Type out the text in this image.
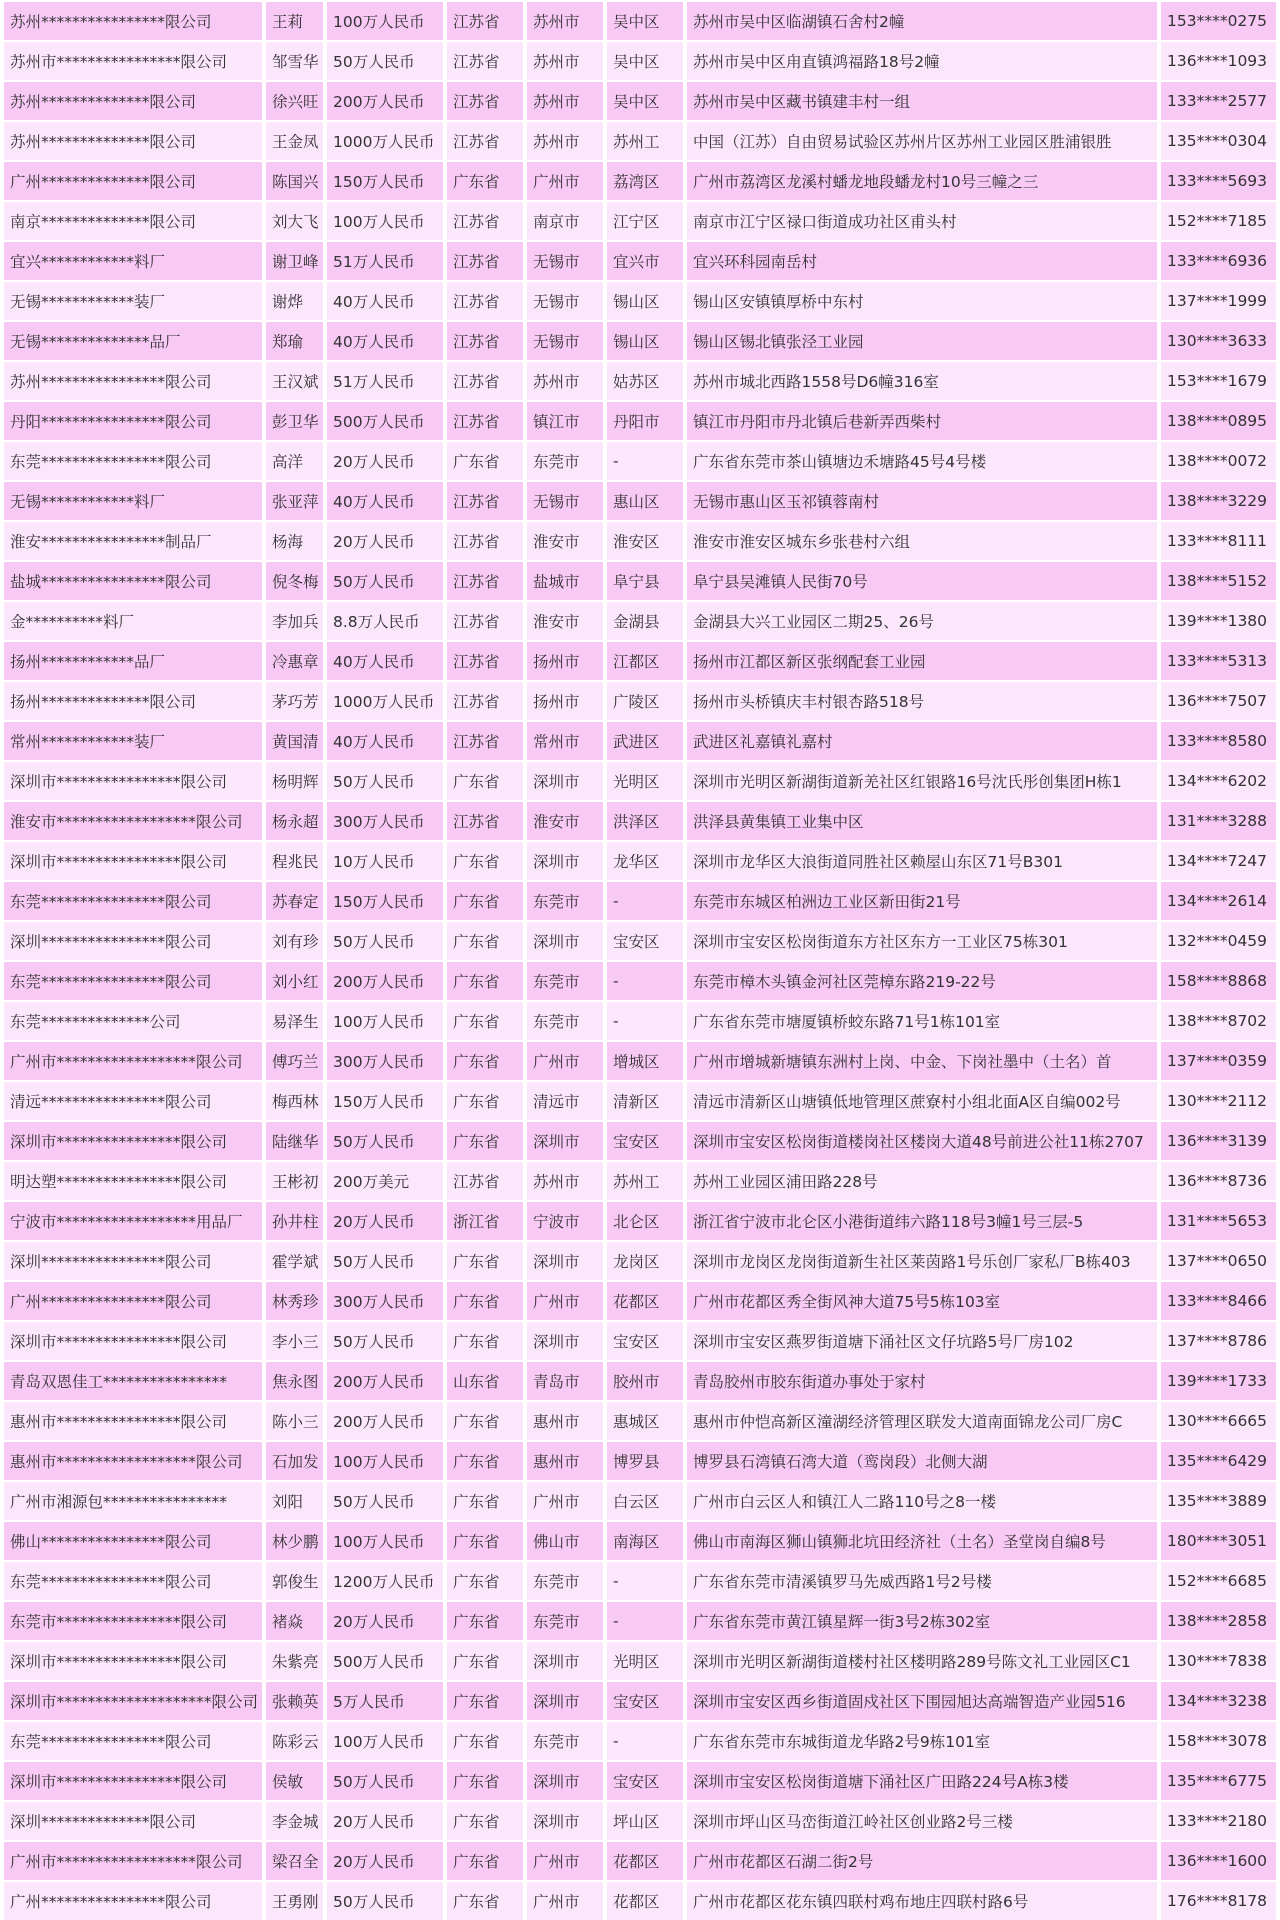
苏州****************限公司	王莉	100万人民币	江苏省	苏州市	吴中区	苏州市吴中区临湖镇石舍村2幢	153****0275
苏州市****************限公司	邹雪华	50万人民币	江苏省	苏州市	吴中区	苏州市吴中区甪直镇鸿福路18号2幢	136****1093
苏州**************限公司	徐兴旺	200万人民币	江苏省	苏州市	吴中区	苏州市吴中区藏书镇建丰村一组	133****2577
苏州**************限公司	王金凤	1000万人民币	江苏省	苏州市	苏州工	中国（江苏）自由贸易试验区苏州片区苏州工业园区胜浦银胜	135****0304
广州**************限公司	陈国兴	150万人民币	广东省	广州市	荔湾区	广州市荔湾区龙溪村蟠龙地段蟠龙村10号三幢之三	133****5693
南京**************限公司	刘大飞	100万人民币	江苏省	南京市	江宁区	南京市江宁区禄口街道成功社区甫头村	152****7185
宜兴************料厂	谢卫峰	51万人民币	江苏省	无锡市	宜兴市	宜兴环科园南岳村	133****6936
无锡************装厂	谢烨	40万人民币	江苏省	无锡市	锡山区	锡山区安镇镇厚桥中东村	137****1999
无锡**************品厂	郑瑜	40万人民币	江苏省	无锡市	锡山区	锡山区锡北镇张泾工业园	130****3633
苏州****************限公司	王汉斌	51万人民币	江苏省	苏州市	姑苏区	苏州市城北西路1558号D6幢316室	153****1679
丹阳****************限公司	彭卫华	500万人民币	江苏省	镇江市	丹阳市	镇江市丹阳市丹北镇后巷新弄西柴村	138****0895
东莞****************限公司	高洋	20万人民币	广东省	东莞市	-	广东省东莞市茶山镇塘边禾塘路45号4号楼	138****0072
无锡************料厂	张亚萍	40万人民币	江苏省	无锡市	惠山区	无锡市惠山区玉祁镇蓉南村	138****3229
淮安****************制品厂	杨海	20万人民币	江苏省	淮安市	淮安区	淮安市淮安区城东乡张巷村六组	133****8111
盐城****************限公司	倪冬梅	50万人民币	江苏省	盐城市	阜宁县	阜宁县吴滩镇人民街70号	138****5152
金**********料厂	李加兵	8.8万人民币	江苏省	淮安市	金湖县	金湖县大兴工业园区二期25、26号	139****1380
扬州************品厂	冷惠章	40万人民币	江苏省	扬州市	江都区	扬州市江都区新区张纲配套工业园	133****5313
扬州**************限公司	茅巧芳	1000万人民币	江苏省	扬州市	广陵区	扬州市头桥镇庆丰村银杏路518号	136****7507
常州************装厂	黄国清	40万人民币	江苏省	常州市	武进区	武进区礼嘉镇礼嘉村	133****8580
深圳市****************限公司	杨明辉	50万人民币	广东省	深圳市	光明区	深圳市光明区新湖街道新羌社区红银路16号沈氏彤创集团H栋1	134****6202
淮安市******************限公司	杨永超	300万人民币	江苏省	淮安市	洪泽区	洪泽县黄集镇工业集中区	131****3288
深圳市****************限公司	程兆民	10万人民币	广东省	深圳市	龙华区	深圳市龙华区大浪街道同胜社区赖屋山东区71号B301	134****7247
东莞****************限公司	苏春定	150万人民币	广东省	东莞市	-	东莞市东城区柏洲边工业区新田街21号	134****2614
深圳****************限公司	刘有珍	50万人民币	广东省	深圳市	宝安区	深圳市宝安区松岗街道东方社区东方一工业区75栋301	132****0459
东莞****************限公司	刘小红	200万人民币	广东省	东莞市	-	东莞市樟木头镇金河社区莞樟东路219-22号	158****8868
东莞**************公司	易泽生	100万人民币	广东省	东莞市	-	广东省东莞市塘厦镇桥蛟东路71号1栋101室	138****8702
广州市******************限公司	傅巧兰	300万人民币	广东省	广州市	增城区	广州市增城新塘镇东洲村上岗、中金、下岗社墨中（土名）首	137****0359
清远****************限公司	梅西林	150万人民币	广东省	清远市	清新区	清远市清新区山塘镇低地管理区蔗寮村小组北面A区自编002号	130****2112
深圳市****************限公司	陆继华	50万人民币	广东省	深圳市	宝安区	深圳市宝安区松岗街道楼岗社区楼岗大道48号前进公社11栋2707	136****3139
明达塑****************限公司	王彬初	200万美元	江苏省	苏州市	苏州工	苏州工业园区浦田路228号	136****8736
宁波市******************用品厂	孙井柱	20万人民币	浙江省	宁波市	北仑区	浙江省宁波市北仑区小港街道纬六路118号3幢1号三层-5	131****5653
深圳****************限公司	霍学斌	50万人民币	广东省	深圳市	龙岗区	深圳市龙岗区龙岗街道新生社区莱茵路1号乐创厂家私厂B栋403	137****0650
广州****************限公司	林秀珍	300万人民币	广东省	广州市	花都区	广州市花都区秀全街风神大道75号5栋103室	133****8466
深圳市****************限公司	李小三	50万人民币	广东省	深圳市	宝安区	深圳市宝安区燕罗街道塘下涌社区文仔坑路5号厂房102	137****8786
青岛双恩佳工****************	焦永图	200万人民币	山东省	青岛市	胶州市	青岛胶州市胶东街道办事处于家村	139****1733
惠州市****************限公司	陈小三	200万人民币	广东省	惠州市	惠城区	惠州市仲恺高新区潼湖经济管理区联发大道南面锦龙公司厂房C	130****6665
惠州市******************限公司	石加发	100万人民币	广东省	惠州市	博罗县	博罗县石湾镇石湾大道（鸾岗段）北侧大湖	135****6429
广州市湘源包****************	刘阳	50万人民币	广东省	广州市	白云区	广州市白云区人和镇江人二路110号之8一楼	135****3889
佛山****************限公司	林少鹏	100万人民币	广东省	佛山市	南海区	佛山市南海区狮山镇狮北坑田经济社（土名）圣堂岗自编8号	180****3051
东莞****************限公司	郭俊生	1200万人民币	广东省	东莞市	-	广东省东莞市清溪镇罗马先威西路1号2号楼	152****6685
东莞市****************限公司	褚焱	20万人民币	广东省	东莞市	-	广东省东莞市黄江镇星辉一街3号2栋302室	138****2858
深圳市****************限公司	朱紫亮	500万人民币	广东省	深圳市	光明区	深圳市光明区新湖街道楼村社区楼明路289号陈文礼工业园区C1	130****7838
深圳市********************限公司	张赖英	5万人民币	广东省	深圳市	宝安区	深圳市宝安区西乡街道固戍社区下围园旭达高端智造产业园516	134****3238
东莞****************限公司	陈彩云	100万人民币	广东省	东莞市	-	广东省东莞市东城街道龙华路2号9栋101室	158****3078
深圳市****************限公司	侯敏	50万人民币	广东省	深圳市	宝安区	深圳市宝安区松岗街道塘下涌社区广田路224号A栋3楼	135****6775
深圳**************限公司	李金城	20万人民币	广东省	深圳市	坪山区	深圳市坪山区马峦街道江岭社区创业路2号三楼	133****2180
广州市******************限公司	梁召全	20万人民币	广东省	广州市	花都区	广州市花都区石湖二街2号	136****1600
广州****************限公司	王勇刚	50万人民币	广东省	广州市	花都区	广州市花都区花东镇四联村鸡布地庄四联村路6号	176****8178
